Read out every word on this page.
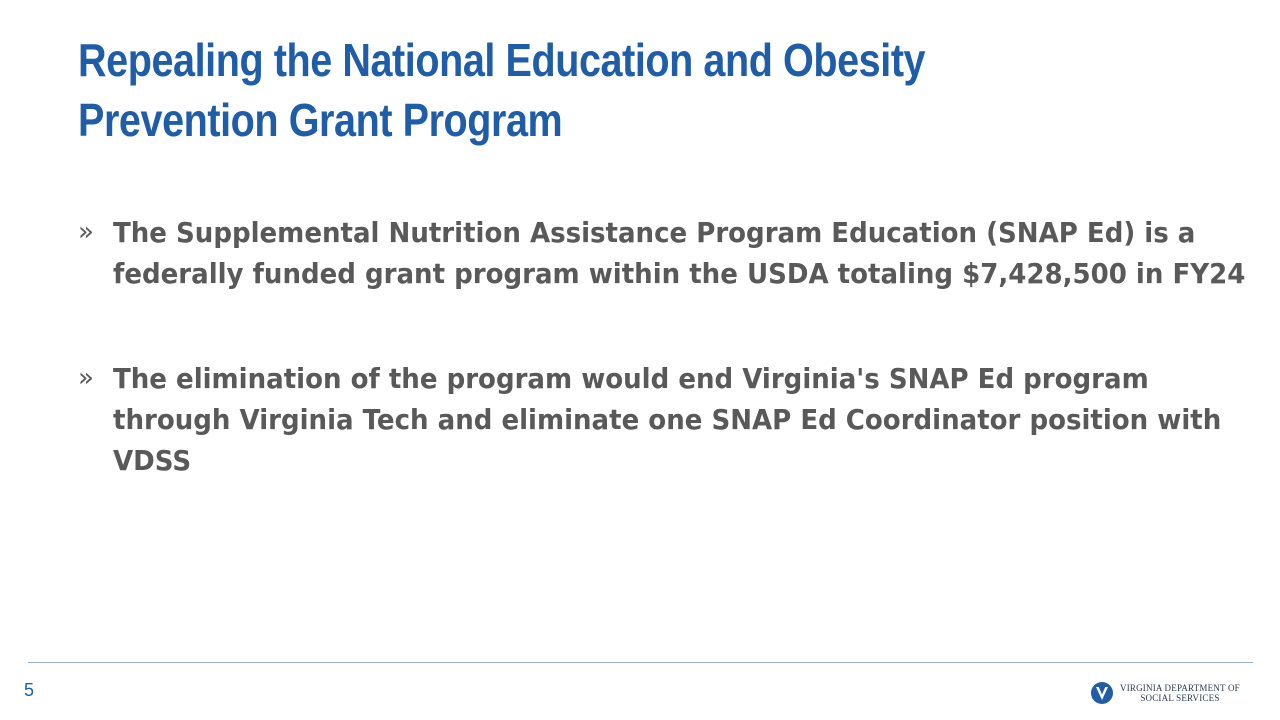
Repealing the National Education and Obesity
Prevention Grant Program
» The Supplemental Nutrition Assistance Program Education (SNAP Ed) is a federally funded grant program within the USDA totaling $7,428,500 in FY24
» The elimination of the program would end Virginia's SNAP Ed program through Virginia Tech and eliminate one SNAP Ed Coordinator position with VDSS
5	VIRGINIA DEPARTMENT OF
SOCIAL SERVICES
